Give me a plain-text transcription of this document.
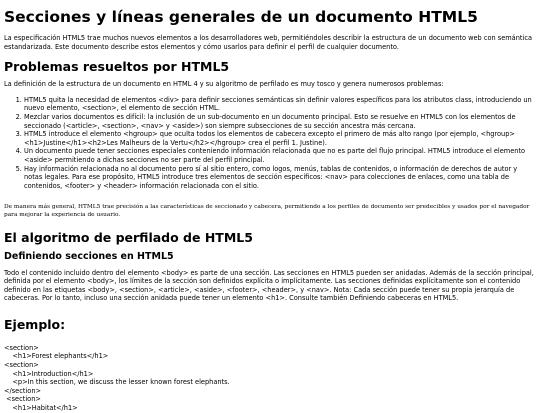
Secciones y líneas generales de un documento HTML5

La especificación HTML5 trae muchos nuevos elementos a los desarrolladores web, permitiéndoles describir la estructura de un documento web con semántica estandarizada. Este documento describe estos elementos y cómo usarlos para definir el perfil de cualquier documento.

Problemas resueltos por HTML5

La definición de la estructura de un documento en HTML 4 y su algoritmo de perfilado es muy tosco y genera numerosos problemas:

1. HTML5 quita la necesidad de elementos <div> para definir secciones semánticas sin definir valores específicos para los atributos class, introduciendo un nuevo elemento, <section>, el elemento de sección HTML.
2. Mezclar varios documentos es difícil: la inclusión de un sub-documento en un documento principal. Esto se resuelve en HTML5 con los elementos de seccionado (<article>, <section>, <nav> y <aside>) son siempre subsecciones de su sección ancestra más cercana.
3. HTML5 introduce el elemento <hgroup> que oculta todos los elementos de cabecera excepto el primero de más alto rango (por ejemplo, <hgroup><h1>Justine</h1><h2>Les Malheurs de la Vertu</h2></hgroup> crea el perfil 1. Justine).
4. Un documento puede tener secciones especiales conteniendo información relacionada que no es parte del flujo principal. HTML5 introduce el elemento <aside> permitiendo a dichas secciones no ser parte del perfil principal.
5. Hay información relacionada no al documento pero sí al sitio entero, como logos, menús, tablas de contenidos, o información de derechos de autor y notas legales. Para ese propósito, HTML5 introduce tres elementos de sección específicos: <nav> para colecciones de enlaces, como una tabla de contenidos, <footer> y <header> información relacionada con el sitio.

De manera más general, HTML5 trae precisión a las características de seccionado y cabecera, permitiendo a los perfiles de documento ser predecibles y usados por el navegador para mejorar la experiencia de usuario.

El algoritmo de perfilado de HTML5
Definiendo secciones en HTML5

Todo el contenido incluido dentro del elemento <body> es parte de una sección. Las secciones en HTML5 pueden ser anidadas. Además de la sección principal, definida por el elemento <body>, los límites de la sección son definidos explícita o implícitamente. Las secciones definidas explícitamente son el contenido definido en las etiquetas <body>, <section>, <article>, <aside>, <footer>, <header>, y <nav>. Nota: Cada sección puede tener su propia jerarquía de cabeceras. Por lo tanto, incluso una sección anidada puede tener un elemento <h1>. Consulte también Definiendo cabeceras en HTML5.

Ejemplo:
<section>
<h1>Forest elephants</h1>
<section>
<h1>Introduction</h1>
<p>In this section, we discuss the lesser known forest elephants.
</section>
<section>
<h1>Habitat</h1>
